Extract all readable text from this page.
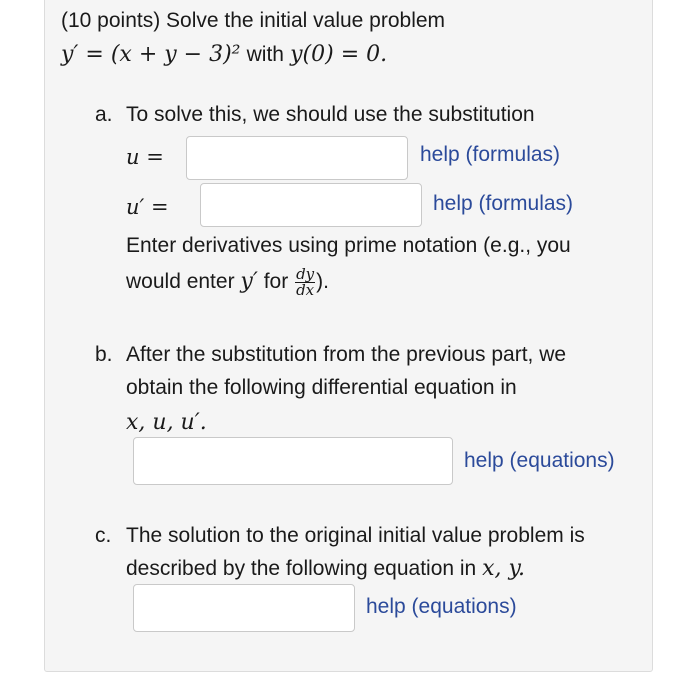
(10 points) Solve the initial value problem
y′ = (x + y − 3)² with y(0) = 0.
a. To solve this, we should use the substitution
u =	help (formulas)
u′ =	help (formulas)
Enter derivatives using prime notation (e.g., you
would enter y′ for $\frac{dy}{dx}$ ).
b. After the substitution from the previous part, we
obtain the following differential equation in
x, u, u′.
help (equations)
c. The solution to the original initial value problem is
described by the following equation in x, y.
help (equations)
